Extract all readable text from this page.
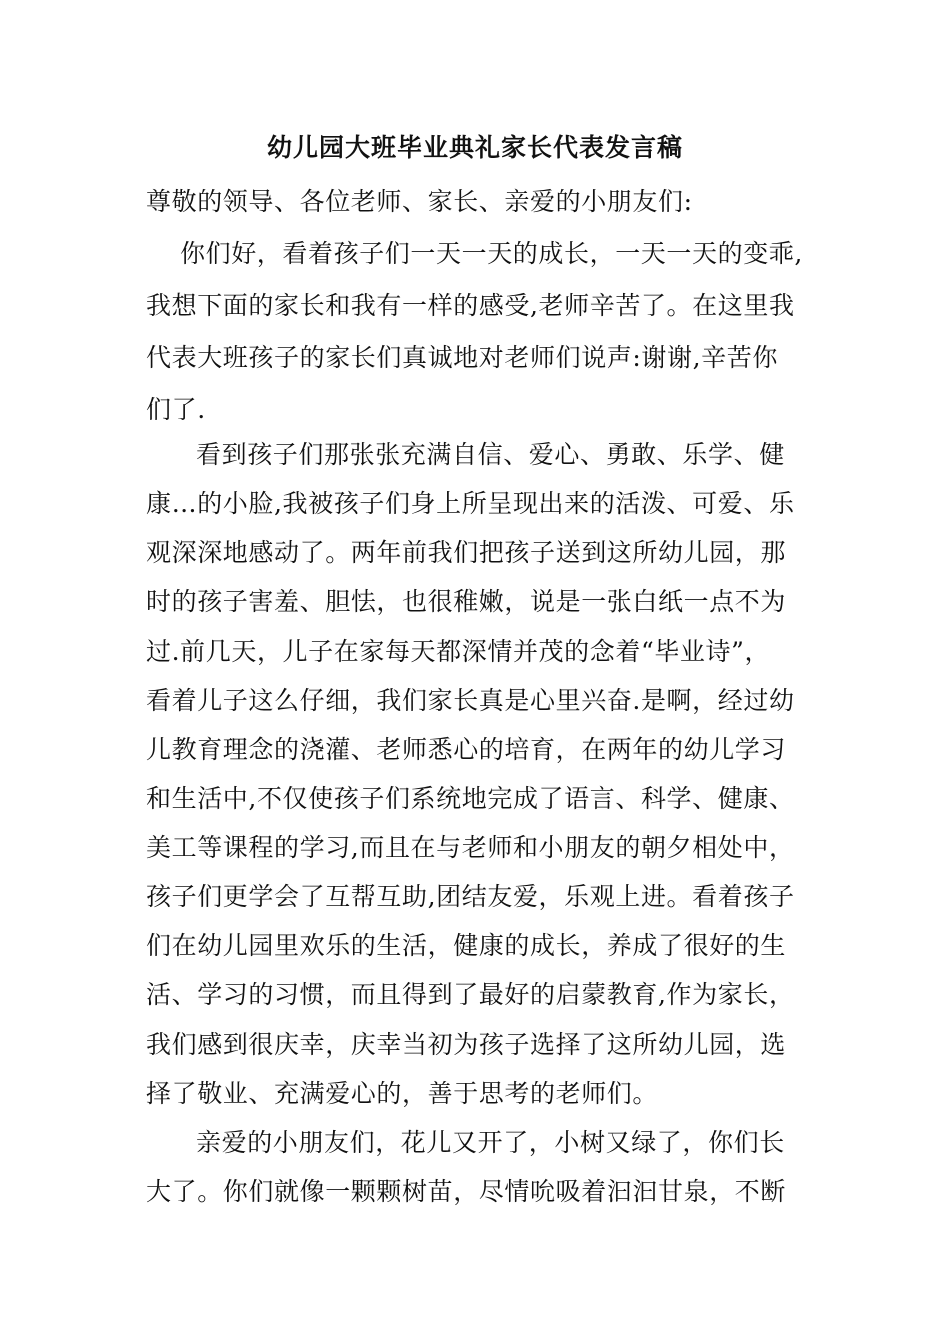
幼儿园大班毕业典礼家长代表发言稿
尊敬的领导、各位老师、家长、亲爱的小朋友们:
你们好，看着孩子们一天一天的成长，一天一天的变乖,
我想下面的家长和我有一样的感受,老师辛苦了。在这里我
代表大班孩子的家长们真诚地对老师们说声:谢谢,辛苦你
们了.
看到孩子们那张张充满自信、爱心、勇敢、乐学、健
康…的小脸,我被孩子们身上所呈现出来的活泼、可爱、乐
观深深地感动了。两年前我们把孩子送到这所幼儿园，那
时的孩子害羞、胆怯，也很稚嫩，说是一张白纸一点不为
过.前几天，儿子在家每天都深情并茂的念着“毕业诗”，
看着儿子这么仔细，我们家长真是心里兴奋.是啊，经过幼
儿教育理念的浇灌、老师悉心的培育，在两年的幼儿学习
和生活中,不仅使孩子们系统地完成了语言、科学、健康、
美工等课程的学习,而且在与老师和小朋友的朝夕相处中，
孩子们更学会了互帮互助,团结友爱，乐观上进。看着孩子
们在幼儿园里欢乐的生活，健康的成长，养成了很好的生
活、学习的习惯，而且得到了最好的启蒙教育,作为家长，
我们感到很庆幸，庆幸当初为孩子选择了这所幼儿园，选
择了敬业、充满爱心的，善于思考的老师们。
亲爱的小朋友们，花儿又开了，小树又绿了，你们长
大了。你们就像一颗颗树苗，尽情吮吸着汩汩甘泉，不断
